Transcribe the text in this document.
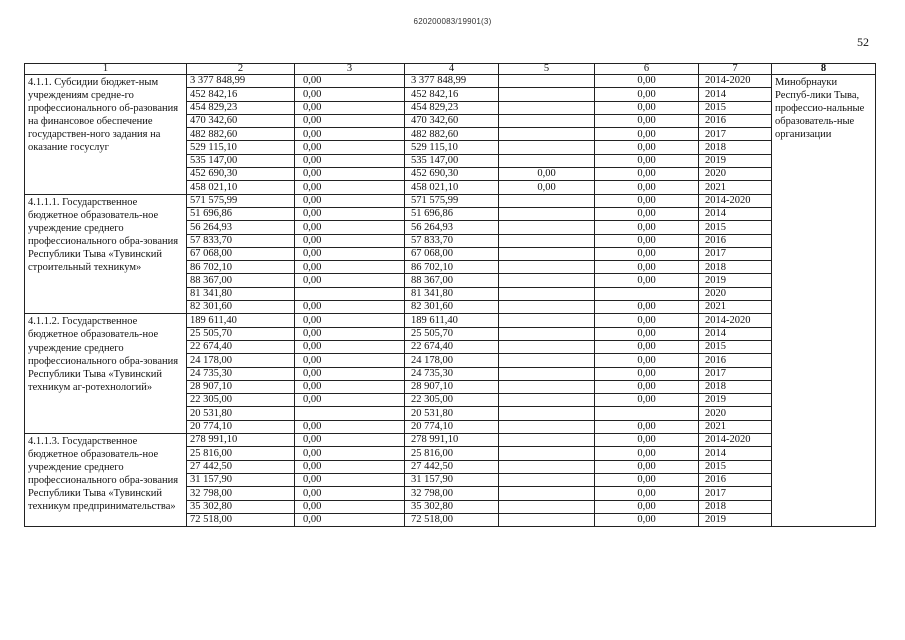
620200083/19901(3)
52
1	2	3	4	5	6	7	8
4.1.1. Субсидии бюджет-ным учреждениям средне-го профессионального об-разования на финансовое обеспечение государствен-ного задания на оказание госуслуг	3 377 848,99	0,00	3 377 848,99		0,00	2014-2020	Минобрнауки Респуб-лики Тыва, профессио-нальные образователь-ные организации
	452 842,16	0,00	452 842,16		0,00	2014	
	454 829,23	0,00	454 829,23		0,00	2015	
	470 342,60	0,00	470 342,60		0,00	2016	
	482 882,60	0,00	482 882,60		0,00	2017	
	529 115,10	0,00	529 115,10		0,00	2018	
	535 147,00	0,00	535 147,00		0,00	2019	
	452 690,30	0,00	452 690,30	0,00	0,00	2020	
	458 021,10	0,00	458 021,10	0,00	0,00	2021	
4.1.1.1. Государственное бюджетное образователь-ное учреждение среднего профессионального обра-зования Республики Тыва «Тувинский строительный техникум»	571 575,99	0,00	571 575,99		0,00	2014-2020	
	51 696,86	0,00	51 696,86		0,00	2014	
	56 264,93	0,00	56 264,93		0,00	2015	
	57 833,70	0,00	57 833,70		0,00	2016	
	67 068,00	0,00	67 068,00		0,00	2017	
	86 702,10	0,00	86 702,10		0,00	2018	
	88 367,00	0,00	88 367,00		0,00	2019	
	81 341,80		81 341,80			2020	
	82 301,60	0,00	82 301,60		0,00	2021	
4.1.1.2. Государственное бюджетное образователь-ное учреждение среднего профессионального обра-зования Республики Тыва «Тувинский техникум аг-ротехнологий»	189 611,40	0,00	189 611,40		0,00	2014-2020	
	25 505,70	0,00	25 505,70		0,00	2014	
	22 674,40	0,00	22 674,40		0,00	2015	
	24 178,00	0,00	24 178,00		0,00	2016	
	24 735,30	0,00	24 735,30		0,00	2017	
	28 907,10	0,00	28 907,10		0,00	2018	
	22 305,00	0,00	22 305,00		0,00	2019	
	20 531,80		20 531,80			2020	
	20 774,10	0,00	20 774,10		0,00	2021	
4.1.1.3. Государственное бюджетное образователь-ное учреждение среднего профессионального обра-зования Республики Тыва «Тувинский техникум предпринимательства»	278 991,10	0,00	278 991,10		0,00	2014-2020	
	25 816,00	0,00	25 816,00		0,00	2014	
	27 442,50	0,00	27 442,50		0,00	2015	
	31 157,90	0,00	31 157,90		0,00	2016	
	32 798,00	0,00	32 798,00		0,00	2017	
	35 302,80	0,00	35 302,80		0,00	2018	
	72 518,00	0,00	72 518,00		0,00	2019	
